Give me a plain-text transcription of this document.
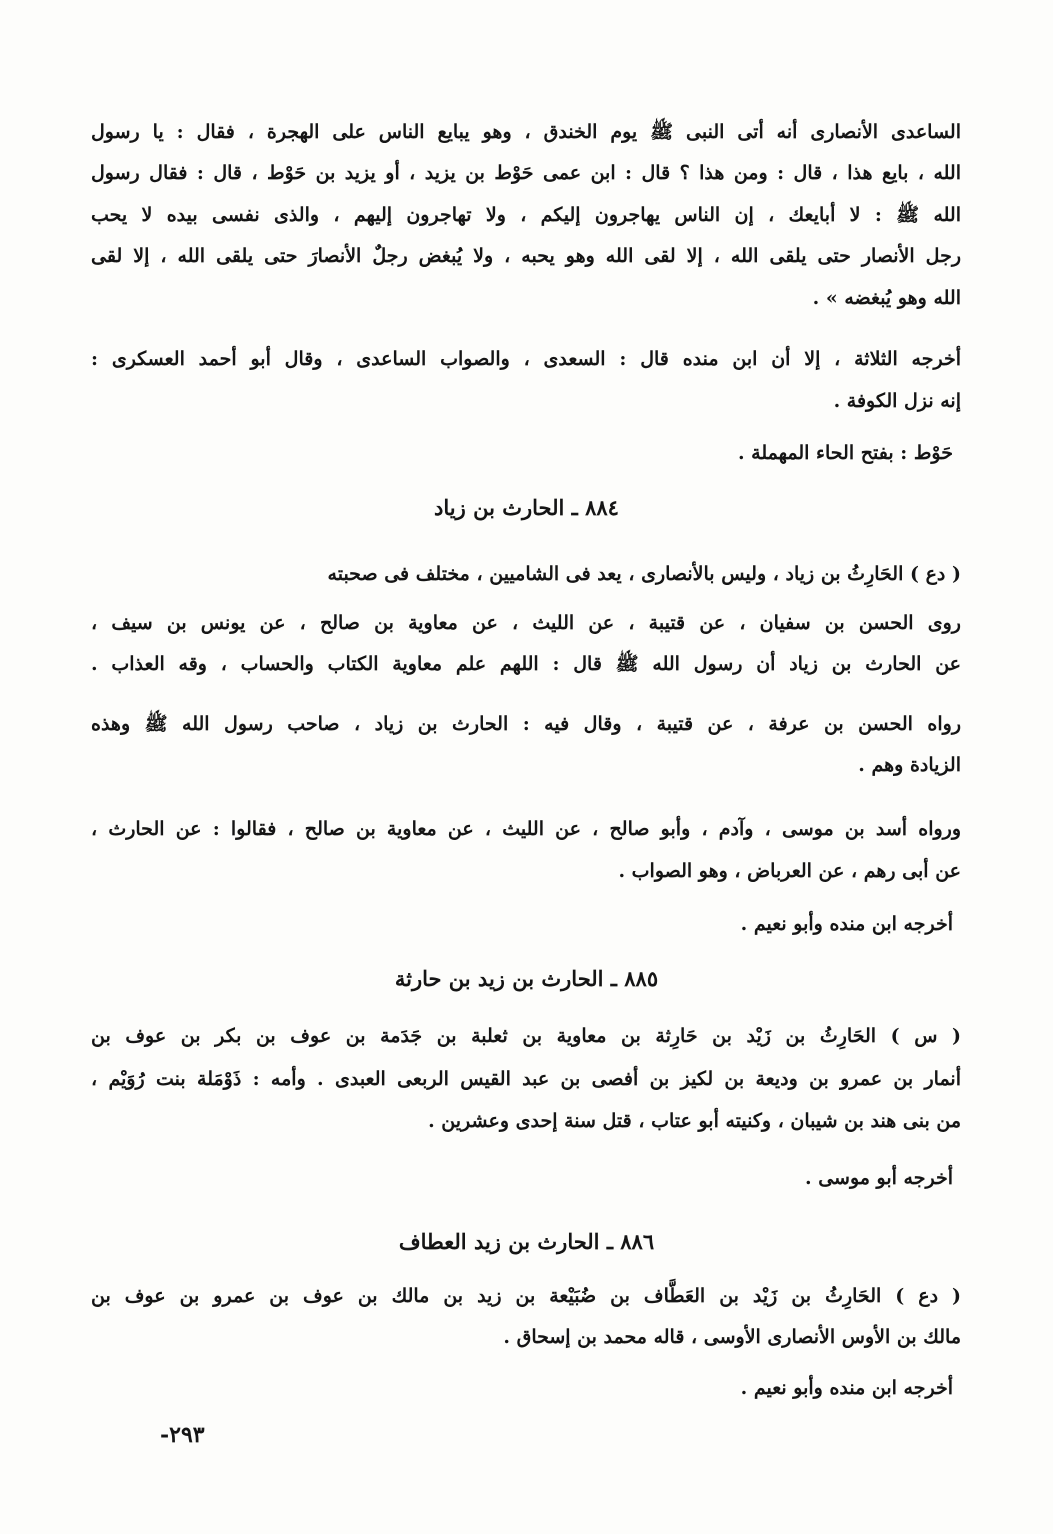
الساعدى الأنصارى أنه أتى النبى ﷺ يوم الخندق ، وهو يبايع الناس على الهجرة ، فقال : يا رسول
الله ، بايع هذا ، قال : ومن هذا ؟ قال : ابن عمى حَوْط بن يزيد ، أو يزيد بن حَوْط ، قال : فقال رسول
الله ﷺ : لا أبايعك ، إن الناس يهاجرون إليكم ، ولا تهاجرون إليهم ، والذى نفسى بيده لا يحب
رجل الأنصار حتى يلقى الله ، إلا لقى الله وهو يحبه ، ولا يُبغض رجلٌ الأنصارَ حتى يلقى الله ، إلا لقى
الله وهو يُبغضه » .
أخرجه الثلاثة ، إلا أن ابن منده قال : السعدى ، والصواب الساعدى ، وقال أبو أحمد العسكرى :
إنه نزل الكوفة .
حَوْط : بفتح الحاء المهملة .
٨٨٤ ـ الحارث بن زياد
( دع ) الحَارِثُ بن زياد ، وليس بالأنصارى ، يعد فى الشاميين ، مختلف فى صحبته
روى الحسن بن سفيان ، عن قتيبة ، عن الليث ، عن معاوية بن صالح ، عن يونس بن سيف ،
عن الحارث بن زياد أن رسول الله ﷺ قال : اللهم علم معاوية الكتاب والحساب ، وقه العذاب .
رواه الحسن بن عرفة ، عن قتيبة ، وقال فيه : الحارث بن زياد ، صاحب رسول الله ﷺ وهذه
الزيادة وهم .
ورواه أسد بن موسى ، وآدم ، وأبو صالح ، عن الليث ، عن معاوية بن صالح ، فقالوا : عن الحارث ،
عن أبى رهم ، عن العرباض ، وهو الصواب .
أخرجه ابن منده وأبو نعيم .
٨٨٥ ـ الحارث بن زيد بن حارثة
( س ) الحَارِثُ بن زَيْد بن حَارِثة بن معاوية بن ثعلبة بن جَدَمة بن عوف بن بكر بن عوف بن
أنمار بن عمرو بن وديعة بن لكيز بن أفصى بن عبد القيس الربعى العبدى . وأمه : ذَوْمَلة بنت رُوَيْم ،
من بنى هند بن شيبان ، وكنيته أبو عتاب ، قتل سنة إحدى وعشرين .
أخرجه أبو موسى .
٨٨٦ ـ الحارث بن زيد العطاف
( دع ) الحَارِثُ بن زَيْد بن العَطَّاف بن ضُبَيْعة بن زيد بن مالك بن عوف بن عمرو بن عوف بن
مالك بن الأوس الأنصارى الأوسى ، قاله محمد بن إسحاق .
أخرجه ابن منده وأبو نعيم .
-٢٩٣
